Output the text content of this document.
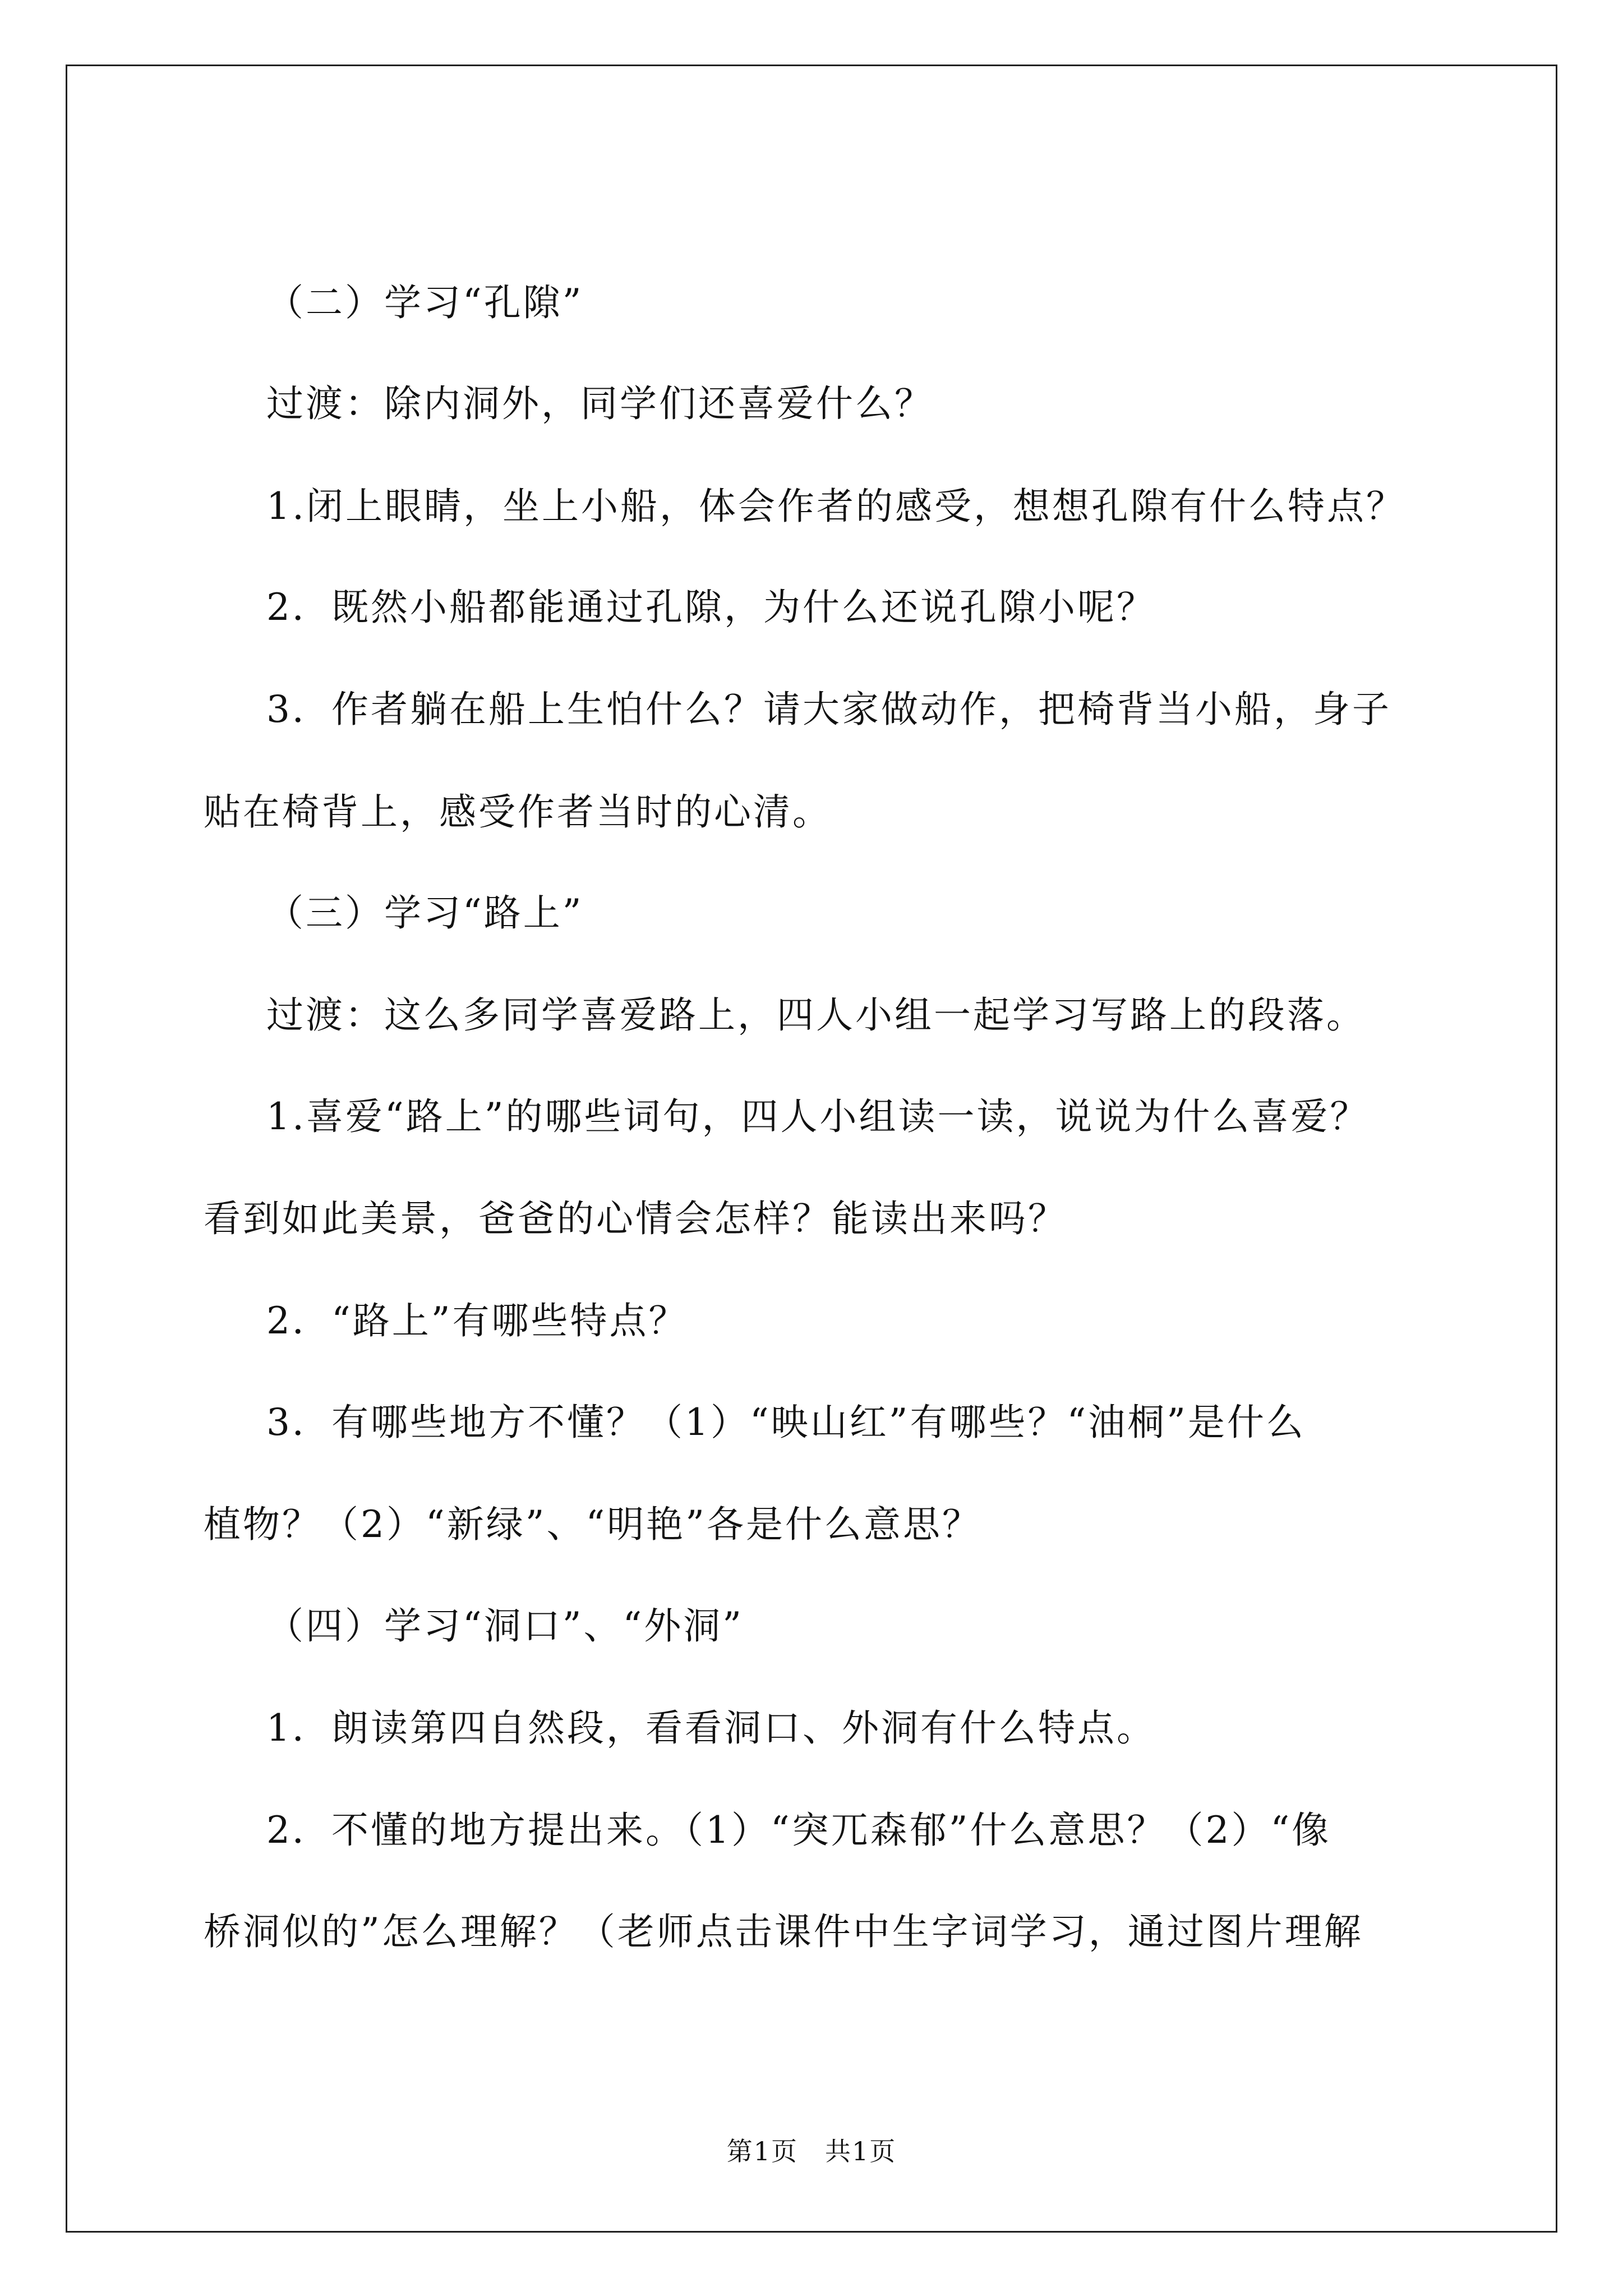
（二）学习“孔隙”
过渡：除内洞外，同学们还喜爱什么？
1.闭上眼睛，坐上小船，体会作者的感受，想想孔隙有什么特点？
2．既然小船都能通过孔隙，为什么还说孔隙小呢？
3．作者躺在船上生怕什么？请大家做动作，把椅背当小船，身子
贴在椅背上，感受作者当时的心清。
（三）学习“路上”
过渡：这么多同学喜爱路上，四人小组一起学习写路上的段落。
1.喜爱“路上”的哪些词句，四人小组读一读，说说为什么喜爱？
看到如此美景，爸爸的心情会怎样？能读出来吗？
2．“路上”有哪些特点？
3．有哪些地方不懂？（1）“映山红”有哪些？“油桐”是什么
植物？（2）“新绿”、“明艳”各是什么意思？
（四）学习“洞口”、“外洞”
1．朗读第四自然段，看看洞口、外洞有什么特点。
2．不懂的地方提出来。（1）“突兀森郁”什么意思？（2）“像
桥洞似的”怎么理解？（老师点击课件中生字词学习，通过图片理解
第1页　共1页
